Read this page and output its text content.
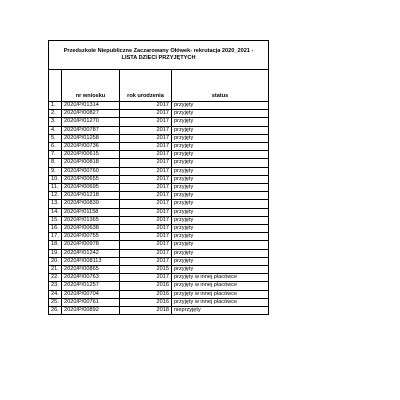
Przedszkole Niepubliczne Zaczarowany Ołówek- rekrutacja 2020_2021 -
LISTA DZIECI PRZYJĘTYCH			
	nr wniosku	rok urodzenia	status
1.	2020/P/01314	2017	przyjęty
2.	2020/P/00827	2017	przyjęty
3.	2020/P/01270	2017	przyjęty
4.	2020/P/00787	2017	przyjęty
5.	2020/P/01258	2017	przyjęty
6.	2020/P/00736	2017	przyjęty
7.	2020/P/00615	2017	przyjęty
8.	2020/P/00818	2017	przyjęty
9.	2020/P/00760	2017	przyjęty
10.	2020/P/00655	2017	przyjęty
11.	2020/P/00695	2017	przyjęty
12.	2020/P/01218	2017	przyjęty
13.	2020/P/00839	2017	przyjęty
14.	2020/P/01158	2017	przyjęty
15.	2020/P/01365	2017	przyjęty
16.	2020/P/00638	2017	przyjęty
17.	2020/P/00755	2017	przyjęty
18.	2020/P/00978	2017	przyjęty
19.	2020/P/01242	2017	przyjęty
20.	2020/P/008113	2017	przyjęty
21.	2020/P/00865	2015	przyjęty
22.	2020/P/00763	2017	przyjęty w innej placówce
23.	2020/P/01257	2016	przyjęty w innej placówce
24.	2020/P/00704	2016	przyjęty w innej placówce
25.	2020/P/00761	2016	przyjęty w innej placówce
26.	2020/P/00892	2018	nieprzyjęty
